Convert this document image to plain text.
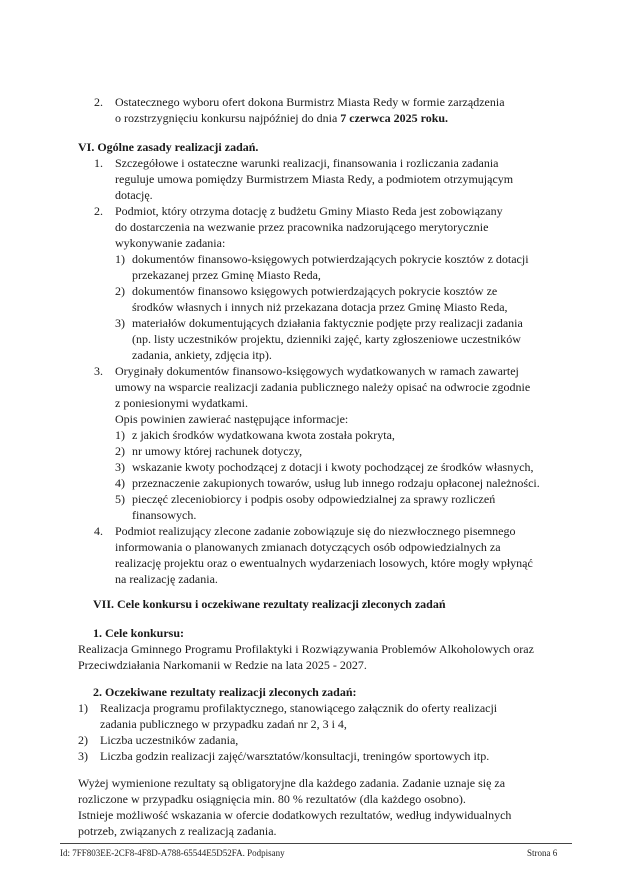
2. Ostatecznego wyboru ofert dokona Burmistrz Miasta Redy w formie zarządzenia
o rozstrzygnięciu konkursu najpóźniej do dnia 7 czerwca 2025 roku.
VI. Ogólne zasady realizacji zadań.
1. Szczegółowe i ostateczne warunki realizacji, finansowania i rozliczania zadania
reguluje umowa pomiędzy Burmistrzem Miasta Redy, a podmiotem otrzymującym
dotację.
2. Podmiot, który otrzyma dotację z budżetu Gminy Miasto Reda jest zobowiązany
do dostarczenia na wezwanie przez pracownika nadzorującego merytorycznie
wykonywanie zadania:
1) dokumentów finansowo-księgowych potwierdzających pokrycie kosztów z dotacji
przekazanej przez Gminę Miasto Reda,
2) dokumentów finansowo księgowych potwierdzających pokrycie kosztów ze
środków własnych i innych niż przekazana dotacja przez Gminę Miasto Reda,
3) materiałów dokumentujących działania faktycznie podjęte przy realizacji zadania
(np. listy uczestników projektu, dzienniki zajęć, karty zgłoszeniowe uczestników
zadania, ankiety, zdjęcia itp).
3. Oryginały dokumentów finansowo-księgowych wydatkowanych w ramach zawartej
umowy na wsparcie realizacji zadania publicznego należy opisać na odwrocie zgodnie
z poniesionymi wydatkami.
Opis powinien zawierać następujące informacje:
1) z jakich środków wydatkowana kwota została pokryta,
2) nr umowy której rachunek dotyczy,
3) wskazanie kwoty pochodzącej z dotacji i kwoty pochodzącej ze środków własnych,
4) przeznaczenie zakupionych towarów, usług lub innego rodzaju opłaconej należności.
5) pieczęć zleceniobiorcy i podpis osoby odpowiedzialnej za sprawy rozliczeń
finansowych.
4. Podmiot realizujący zlecone zadanie zobowiązuje się do niezwłocznego pisemnego
informowania o planowanych zmianach dotyczących osób odpowiedzialnych za
realizację projektu oraz o ewentualnych wydarzeniach losowych, które mogły wpłynąć
na realizację zadania.
VII. Cele konkursu i oczekiwane rezultaty realizacji zleconych zadań
1. Cele konkursu:
Realizacja Gminnego Programu Profilaktyki i Rozwiązywania Problemów Alkoholowych oraz
Przeciwdziałania Narkomanii w Redzie na lata 2025 - 2027.
2. Oczekiwane rezultaty realizacji zleconych zadań:
1) Realizacja programu profilaktycznego, stanowiącego załącznik do oferty realizacji
zadania publicznego w przypadku zadań nr 2, 3 i 4,
2) Liczba uczestników zadania,
3) Liczba godzin realizacji zajęć/warsztatów/konsultacji, treningów sportowych itp.
Wyżej wymienione rezultaty są obligatoryjne dla każdego zadania. Zadanie uznaje się za
rozliczone w przypadku osiągnięcia min. 80 % rezultatów (dla każdego osobno).
Istnieje możliwość wskazania w ofercie dodatkowych rezultatów, według indywidualnych
potrzeb, związanych z realizacją zadania.
Id: 7FF803EE-2CF8-4F8D-A788-65544E5D52FA. Podpisany	Strona 6
